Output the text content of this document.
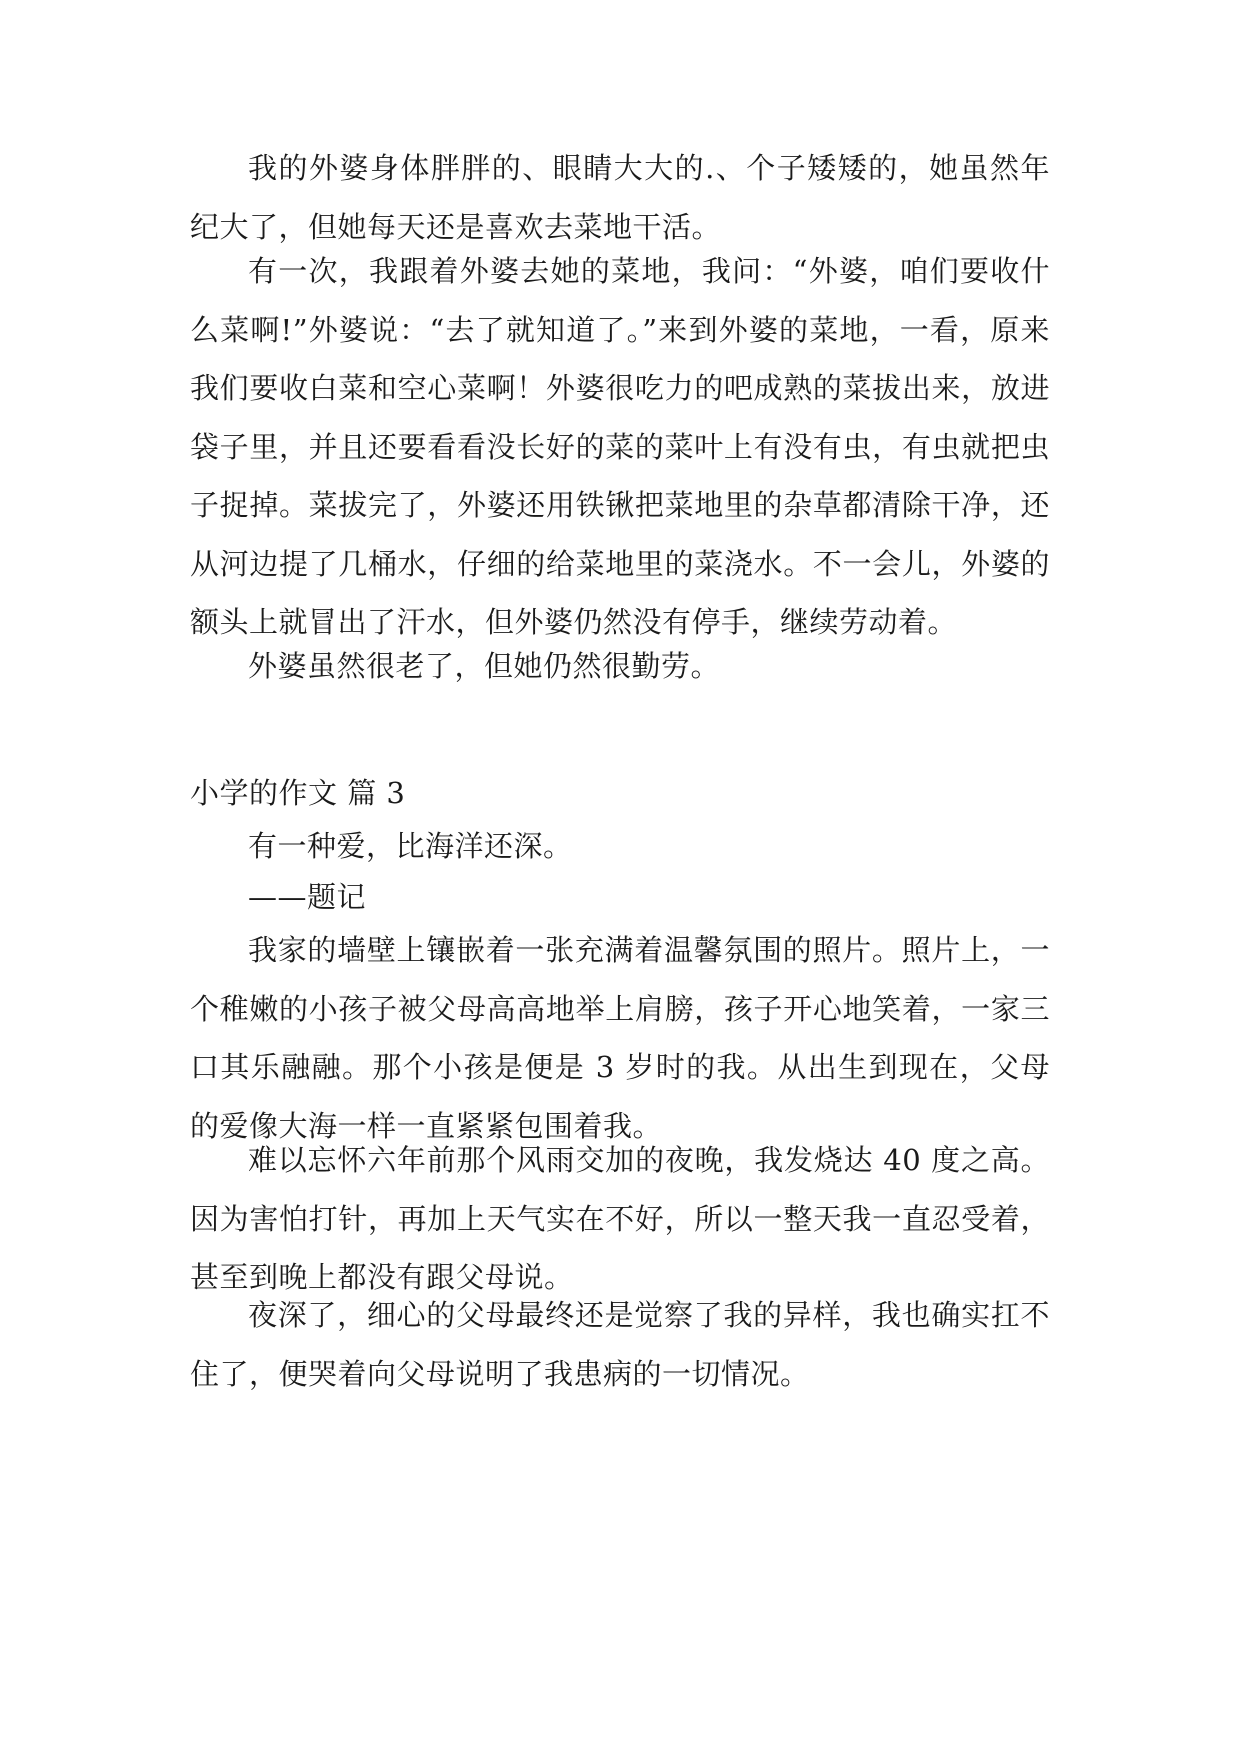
我的外婆身体胖胖的、眼睛大大的.、个子矮矮的，她虽然年纪大了，但她每天还是喜欢去菜地干活。

有一次，我跟着外婆去她的菜地，我问：“外婆，咱们要收什么菜啊!”外婆说：“去了就知道了。”来到外婆的菜地，一看，原来我们要收白菜和空心菜啊！外婆很吃力的吧成熟的菜拔出来，放进袋子里，并且还要看看没长好的菜的菜叶上有没有虫，有虫就把虫子捉掉。菜拔完了，外婆还用铁锹把菜地里的杂草都清除干净，还从河边提了几桶水，仔细的给菜地里的菜浇水。不一会儿，外婆的额头上就冒出了汗水，但外婆仍然没有停手，继续劳动着。

外婆虽然很老了，但她仍然很勤劳。

小学的作文 篇 3

有一种爱，比海洋还深。

——题记

我家的墙壁上镶嵌着一张充满着温馨氛围的照片。照片上，一个稚嫩的小孩子被父母高高地举上肩膀，孩子开心地笑着，一家三口其乐融融。那个小孩是便是 3 岁时的我。从出生到现在，父母的爱像大海一样一直紧紧包围着我。

难以忘怀六年前那个风雨交加的夜晚，我发烧达 40 度之高。因为害怕打针，再加上天气实在不好，所以一整天我一直忍受着，甚至到晚上都没有跟父母说。

夜深了，细心的父母最终还是觉察了我的异样，我也确实扛不住了，便哭着向父母说明了我患病的一切情况。
